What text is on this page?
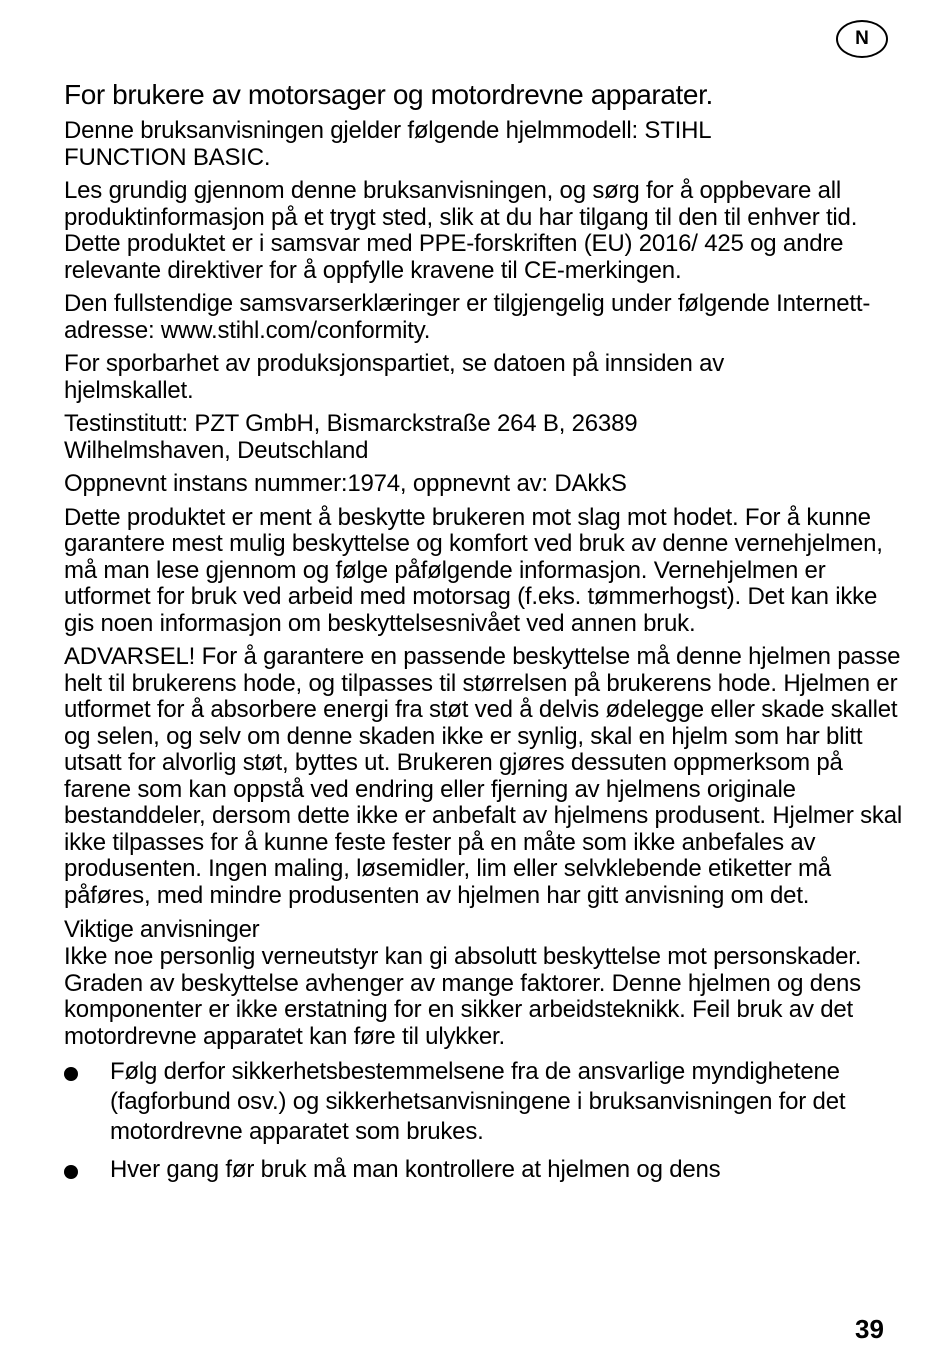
N
For brukere av motorsager og motordrevne apparater.

Denne bruksanvisningen gjelder følgende hjelmmodell: STIHL FUNCTION BASIC.

Les grundig gjennom denne bruksanvisningen, og sørg for å oppbevare all produktinformasjon på et trygt sted, slik at du har tilgang til den til enhver tid. Dette produktet er i samsvar med PPE-forskriften (EU) 2016/ 425 og andre relevante direktiver for å oppfylle kravene til CE-merkingen.

Den fullstendige samsvarserklæringer er tilgjengelig under følgende Internett-adresse: www.stihl.com/conformity.

For sporbarhet av produksjonspartiet, se datoen på innsiden av hjelmskallet.

Testinstitutt: PZT GmbH, Bismarckstraße 264 B, 26389 Wilhelmshaven, Deutschland

Oppnevnt instans nummer:1974, oppnevnt av: DAkkS

Dette produktet er ment å beskytte brukeren mot slag mot hodet. For å kunne garantere mest mulig beskyttelse og komfort ved bruk av denne vernehjelmen, må man lese gjennom og følge påfølgende informasjon. Vernehjelmen er utformet for bruk ved arbeid med motorsag (f.eks. tømmerhogst). Det kan ikke gis noen informasjon om beskyttelsesnivået ved annen bruk.

ADVARSEL! For å garantere en passende beskyttelse må denne hjelmen passe helt til brukerens hode, og tilpasses til størrelsen på brukerens hode. Hjelmen er utformet for å absorbere energi fra støt ved å delvis ødelegge eller skade skallet og selen, og selv om denne skaden ikke er synlig, skal en hjelm som har blitt utsatt for alvorlig støt, byttes ut. Brukeren gjøres dessuten oppmerksom på farene som kan oppstå ved endring eller fjerning av hjelmens originale bestanddeler, dersom dette ikke er anbefalt av hjelmens produsent. Hjelmer skal ikke tilpasses for å kunne feste fester på en måte som ikke anbefales av produsenten. Ingen maling, løsemidler, lim eller selvklebende etiketter må påføres, med mindre produsenten av hjelmen har gitt anvisning om det.

Viktige anvisninger

Ikke noe personlig verneutstyr kan gi absolutt beskyttelse mot personskader. Graden av beskyttelse avhenger av mange faktorer. Denne hjelmen og dens komponenter er ikke erstatning for en sikker arbeidsteknikk. Feil bruk av det motordrevne apparatet kan føre til ulykker.

Følg derfor sikkerhetsbestemmelsene fra de ansvarlige myndighetene (fagforbund osv.) og sikkerhetsanvisningene i bruksanvisningen for det motordrevne apparatet som brukes.
Hver gang før bruk må man kontrollere at hjelmen og dens
39
